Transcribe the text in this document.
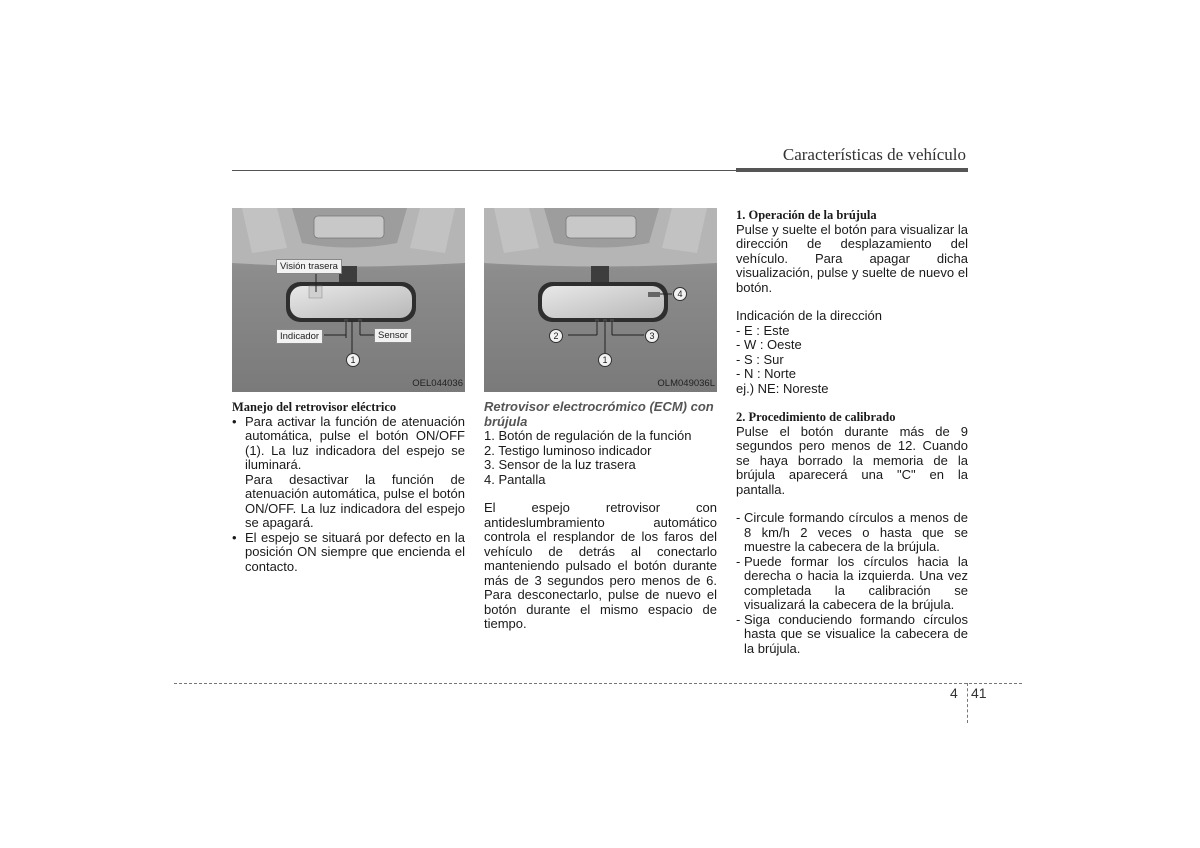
Características de vehículo
Visión trasera
Indicador	Sensor
1
OEL044036

Manejo del retrovisor eléctrico

• Para activar la función de atenuación automática, pulse el botón ON/OFF (1). La luz indicadora del espejo se iluminará.

Para desactivar la función de atenuación automática, pulse el botón ON/OFF. La luz indicadora del espejo se apagará.

• El espejo se situará por defecto en la posición ON siempre que encienda el contacto.
1
2	3
4
OLM049036L

Retrovisor electrocrómico (ECM) con brújula

1. Botón de regulación de la función
2. Testigo luminoso indicador
3. Sensor de la luz trasera
4. Pantalla

El espejo retrovisor con antideslumbramiento automático controla el resplandor de los faros del vehículo de detrás al conectarlo manteniendo pulsado el botón durante más de 3 segundos pero menos de 6. Para desconectarlo, pulse de nuevo el botón durante el mismo espacio de tiempo.

1. Operación de la brújula

Pulse y suelte el botón para visualizar la dirección de desplazamiento del vehículo. Para apagar dicha visualización, pulse y suelte de nuevo el botón.

Indicación de la dirección

- E : Este
- W : Oeste
- S : Sur
- N : Norte

ej.) NE: Noreste

2. Procedimiento de calibrado

Pulse el botón durante más de 9 segundos pero menos de 12. Cuando se haya borrado la memoria de la brújula aparecerá una "C" en la pantalla.

- Circule formando círculos a menos de 8 km/h 2 veces o hasta que se muestre la cabecera de la brújula.
- Puede formar los círculos hacia la derecha o hacia la izquierda. Una vez completada la calibración se visualizará la cabecera de la brújula.
- Siga conduciendo formando círculos hasta que se visualice la cabecera de la brújula.
4 41
